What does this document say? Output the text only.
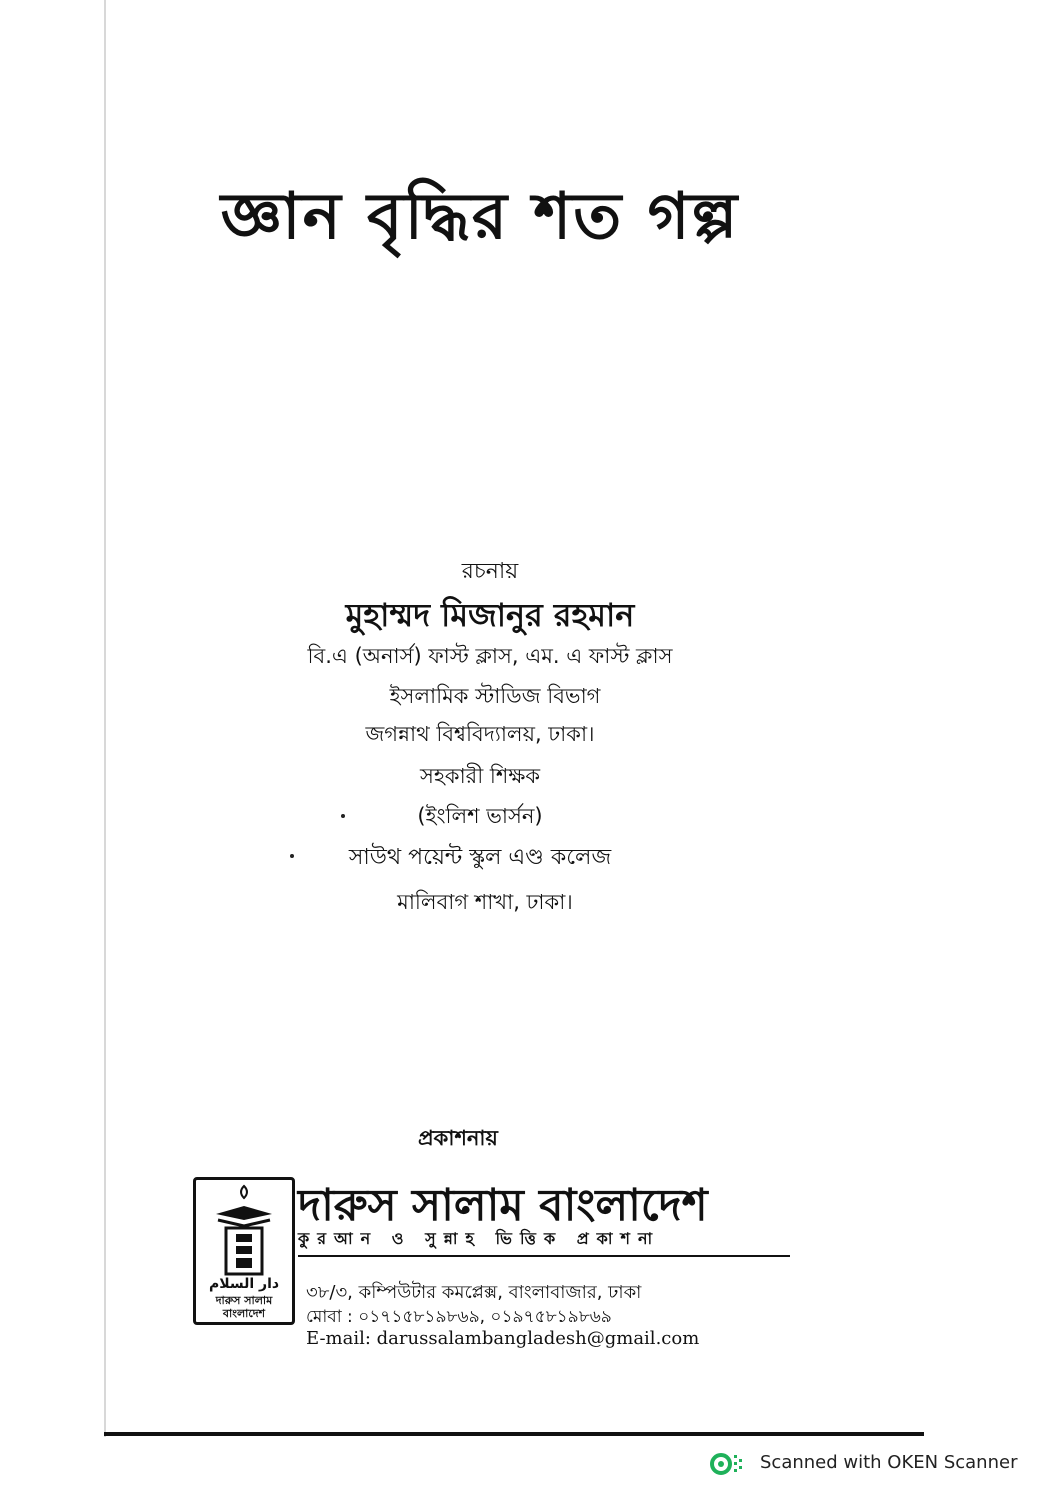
জ্ঞান বৃদ্ধির শত গল্প
রচনায়
মুহাম্মদ মিজানুর রহমান
বি.এ (অনার্স) ফাস্ট ক্লাস, এম. এ ফাস্ট ক্লাস
ইসলামিক স্টাডিজ বিভাগ
জগন্নাথ বিশ্ববিদ্যালয়, ঢাকা।
সহকারী শিক্ষক
(ইংলিশ ভার্সন)
সাউথ পয়েন্ট স্কুল এণ্ড কলেজ
মালিবাগ শাখা, ঢাকা।
প্রকাশনায়
دار السلام
দারুস সালাম
বাংলাদেশ
দারুস সালাম বাংলাদেশ
কুরআন ও সুন্নাহ ভিত্তিক প্রকাশনা
৩৮/৩, কম্পিউটার কমপ্লেক্স, বাংলাবাজার, ঢাকা
মোবা : ০১৭১৫৮১৯৮৬৯, ০১৯৭৫৮১৯৮৬৯
E-mail: darussalambangladesh@gmail.com
Scanned with OKEN Scanner
